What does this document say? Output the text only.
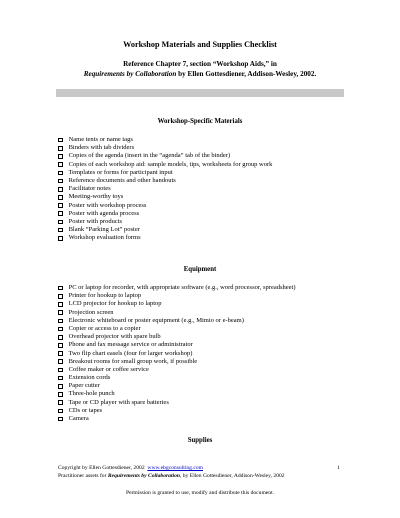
Workshop Materials and Supplies Checklist
Reference Chapter 7, section “Workshop Aids,” in
Requirements by Collaboration by Ellen Gottesdiener, Addison-Wesley, 2002.
Workshop-Specific Materials
Name tents or name tags
Binders with tab dividers
Copies of the agenda (insert in the “agenda” tab of the binder)
Copies of each workshop aid: sample models, tips, worksheets for group work
Templates or forms for participant input
Reference documents and other handouts
Facilitator notes
Meeting-worthy toys
Poster with workshop process
Poster with agenda process
Poster with products
Blank “Parking Lot” poster
Workshop evaluation forms
Equipment
PC or laptop for recorder, with appropriate software (e.g., word processor, spreadsheet)
Printer for hookup to laptop
LCD projector for hookup to laptop
Projection screen
Electronic whiteboard or poster equipment (e.g., Mimio or e-beam)
Copier or access to a copier
Overhead projector with spare bulb
Phone and fax message service or administrator
Two flip chart easels (four for larger workshop)
Breakout rooms for small group work, if possible
Coffee maker or coffee service
Extension cords
Paper cutter
Three-hole punch
Tape or CD player with spare batteries
CDs or tapes
Camera
Supplies
Copyright by Ellen Gottesdiener, 2002 www.ebgconsulting.com	1
Practitioner assets for Requirements by Collaboration, by Ellen Gottesdiener, Addison-Wesley, 2002
Permission is granted to use, modify and distribute this document.
